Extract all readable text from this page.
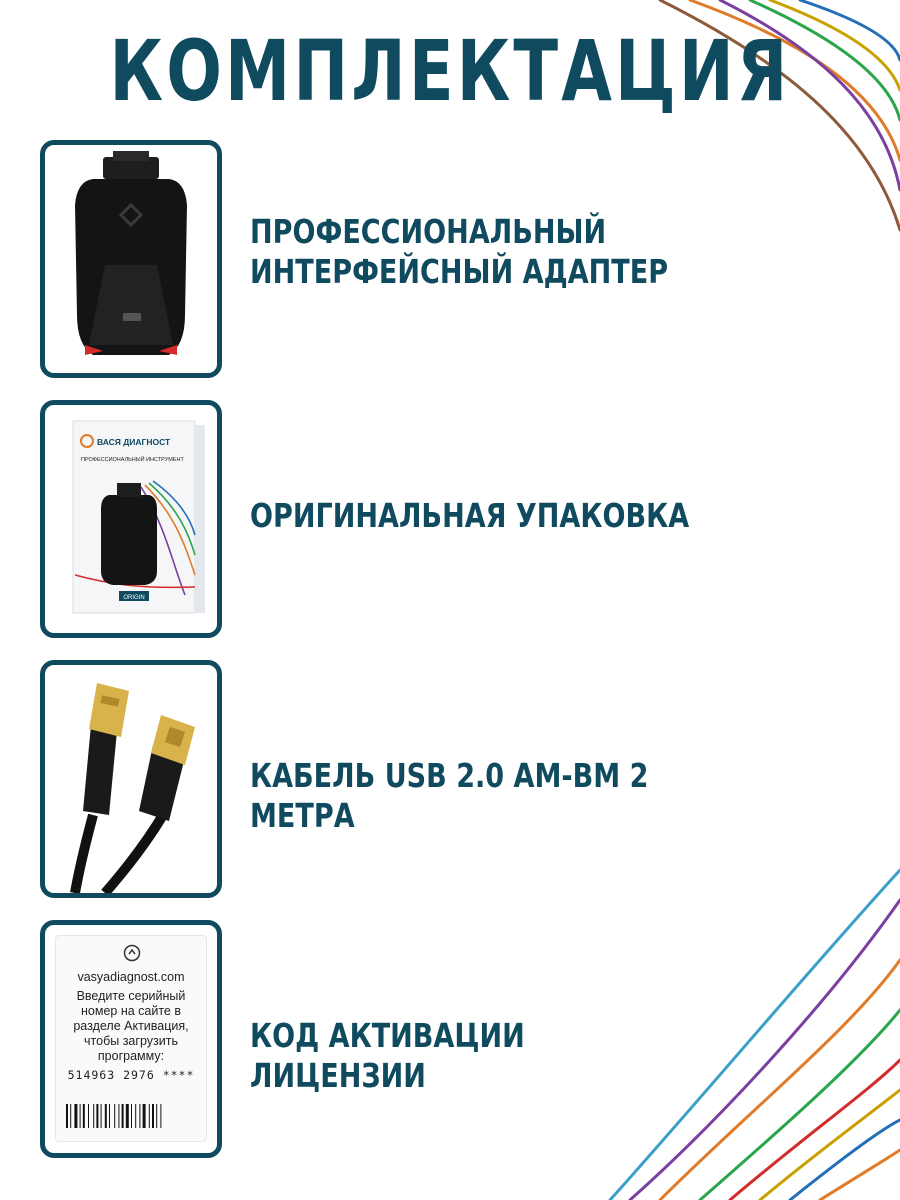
КОМПЛЕКТАЦИЯ
ПРОФЕССИОНАЛЬНЫЙ ИНТЕРФЕЙСНЫЙ АДАПТЕР
ВАСЯ ДИАГНОСТ
ПРОФЕССИОНАЛЬНЫЙ ИНСТРУМЕНТ
ORIGIN
ОРИГИНАЛЬНАЯ УПАКОВКА
КАБЕЛЬ USB 2.0 AM-BM 2 МЕТРА
vasyadiagnost.com
Введите серийный номер на сайте в разделе Активация, чтобы загрузить программу:
514963 2976 ****
КОД АКТИВАЦИИ ЛИЦЕНЗИИ
